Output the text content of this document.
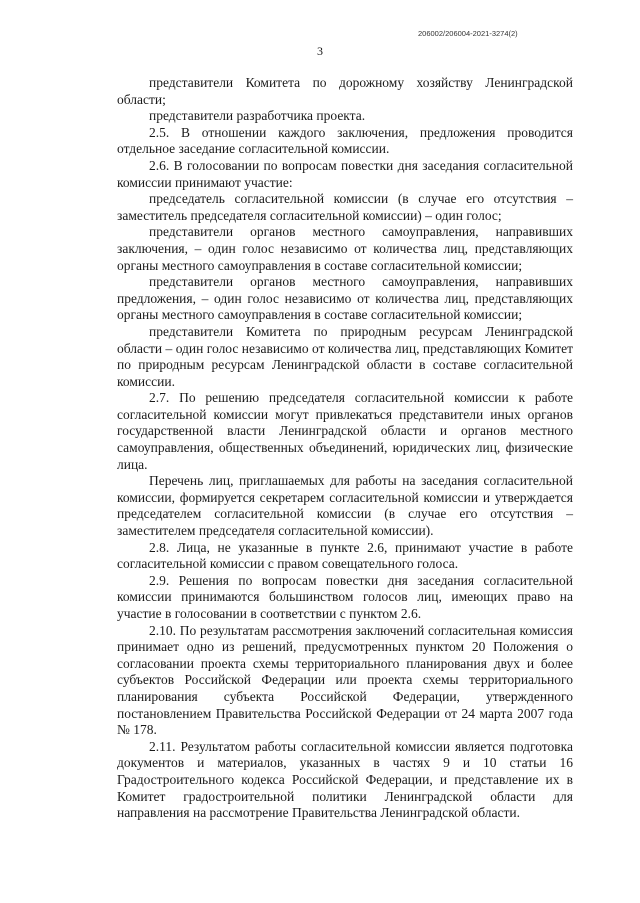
206002/206004-2021-3274(2)
3

представители Комитета по дорожному хозяйству Ленинградской области;

представители разработчика проекта.

2.5. В отношении каждого заключения, предложения проводится отдельное заседание согласительной комиссии.

2.6. В голосовании по вопросам повестки дня заседания согласительной комиссии принимают участие:

председатель согласительной комиссии (в случае его отсутствия – заместитель председателя согласительной комиссии) – один голос;

представители органов местного самоуправления, направивших заключения, – один голос независимо от количества лиц, представляющих органы местного самоуправления в составе согласительной комиссии;

представители органов местного самоуправления, направивших предложения, – один голос независимо от количества лиц, представляющих органы местного самоуправления в составе согласительной комиссии;

представители Комитета по природным ресурсам Ленинградской области – один голос независимо от количества лиц, представляющих Комитет по природным ресурсам Ленинградской области в составе согласительной комиссии.

2.7. По решению председателя согласительной комиссии к работе согласительной комиссии могут привлекаться представители иных органов государственной власти Ленинградской области и органов местного самоуправления, общественных объединений, юридических лиц, физические лица.

Перечень лиц, приглашаемых для работы на заседания согласительной комиссии, формируется секретарем согласительной комиссии и утверждается председателем согласительной комиссии (в случае его отсутствия – заместителем председателя согласительной комиссии).

2.8. Лица, не указанные в пункте 2.6, принимают участие в работе согласительной комиссии с правом совещательного голоса.

2.9. Решения по вопросам повестки дня заседания согласительной комиссии принимаются большинством голосов лиц, имеющих право на участие в голосовании в соответствии с пунктом 2.6.

2.10. По результатам рассмотрения заключений согласительная комиссия принимает одно из решений, предусмотренных пунктом 20 Положения о согласовании проекта схемы территориального планирования двух и более субъектов Российской Федерации или проекта схемы территориального планирования субъекта Российской Федерации, утвержденного постановлением Правительства Российской Федерации от 24 марта 2007 года № 178.

2.11. Результатом работы согласительной комиссии является подготовка документов и материалов, указанных в частях 9 и 10 статьи 16 Градостроительного кодекса Российской Федерации, и представление их в Комитет градостроительной политики Ленинградской области для направления на рассмотрение Правительства Ленинградской области.
